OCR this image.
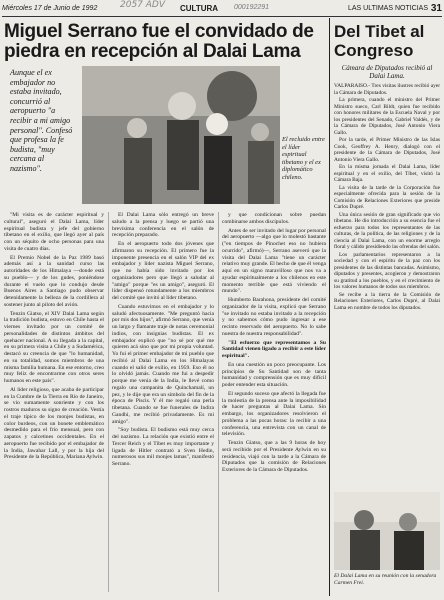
Miércoles 17 de Junio de 1992	CULTURA 000192291	LAS ULTIMAS NOTICIAS 31
2057 ADV
Miguel Serrano fue el convidado de piedra en recepción al Dalai Lama

Aunque el ex embajador no estaba invitado, concurrió al aeropuerto "a recibir a mi amigo personal". Confesó que profesa la fe budista, "muy cercana al nazismo".

El recluido entre el líder espiritual tibetano y el ex diplomático chileno.

"Mi visita es de carácter espiritual y cultural", aseguró el Dalai Lama, líder espiritual budista y jefe del gobierno tibetano en el exilio, que llegó ayer al país con un séquito de ocho personas para una visita de cuatro días.

El Premio Nobel de la Paz 1989 basó además así a la sanidad curso las autoridades de los Himalaya —donde está su pueblo— y de los gudes, poniéndose durante el vuelo que lo condujo desde Buenos Aires a Santiago pudo observar detenidamente la belleza de la cordillera al sostener junto al piloto del avión.

Tenzin Giatso, el XIV Dalai Lama según la tradición budista, estuvo en Chile hasta el viernes invitado por un comité de personalidades de distintos ámbitos del quehacer nacional. A su llegada a la capital, en su primera visita a Chile y a Sudamérica, destacó su creencia de que "lo humanidad, en su totalidad, somos miembros de una misma familia humana. En ese entorno, creo muy feliz de encontrarme con otros seres humanos en este país".

Al líder religioso, que acaba de participar en la Cumbre de la Tierra en Río de Janeiro, se vio sumamente sonriente y con los rostros maduros su signo de creación. Vestía el traje típico de los monjes budistas, en color burdeos, con un bonete emblemático desmedido para el frío mensual, pero con zapatos y calcetines occidentales. En el aeropuerto fue recibido por el embajador de la India, Jawahar Lall, y por la hija del Presidente de la República, Mariana Aylwin.

El Dalai Lama sólo entregó un breve saludo a la prensa y luego se partió una brevísima conferencia en el salón de recepción preparado.

En el aeropuerto todo dos jóvenes que afirmaron su recepción. El primero fue la imponente presencia en el salón VIP del ex embajador y líder nazista Miguel Serrano, que no había sido invitado por los organizadores pero que llegó a saludar al "amigo" porque "es un amigo", aseguró. El líder dispensó rotundamente a los miembros del comité que invitó al líder tibetano.

Cuando estuvimos en el embajador y lo saludó afectuosamente. "Me preguntó hacia por mis dos hijos", afirmó Serrano, que venía un largo y flamante traje de notas ceremonial indios, con insignias budistas. El ex embajador explicó que "no sé por qué me quieren acá sino que por mi propia voluntad. Yo fui el primer embajador de mi pueblo que recibió al Dalai Lama en los Himalayas cuando el salió de exilio, en 1959. Eso él no lo olvidó jamás. Cuando me fui a despedir porque me venía de la India, le llevé como regalo una campanita de Quinchamalí, un pez, y le dije que era un símbolo del fin de la época de Piscis. Y él me regaló una perla tibetana. Cuando se fue funerales de Indira Gandhi, me recibió privadamente. Es mi amigo".

"Soy budista. El budismo está muy cerca del nazismo. La relación que existió entre el Tercer Reich y el Tíbet es muy importante y ligada de Hitler contrató a Sven Hedin, numerosos sus mil monjes lamas", manifestó Serrano.

y que condicionan sobre puedan combinarse ambos discípulos.

Antes de ser invitado del lugar por personal del aeropuerto —algo que lo molestó bastante ("en tiempos de Pinochet eso no hubiera ocurrido", afirmó)—, Serrano aseveró que la visita del Dalai Lama "tiene un carácter relativo muy grande. El hecho de que él venga aquí en un signo maravilloso que nos va a ayudar espiritualmente a los chilenos en este momento terrible que está viviendo el mundo".

Humberto Barahona, presidente del comité organizador de la visita, explicó que Serrano "se invitado no estaba invitado a la recepción y no sabemos cómo pudo ingresar a ese recinto reservado del aeropuerto. No lo sabe nuestra de nuestra responsabilidad".

"El esfuerzo que representamos a Su Santidad vienen ligado a recibir a este líder espiritual".

En una cuestión un poco preocupante. Los principios de Su Santidad son de tanta humanidad y comprensión que es muy difícil poder entender esta situación.

El segundo suceso que afectó la llegada fue la molestia de la prensa ante la imposibilidad de hacer preguntas al Dalai Lama. Sin embargo, los organizadores resolvieron el problema a las pocas horas: la recibir a una conferencia, una entrevista con un canal de televisión.

Tenzin Giatso, que a las 9 horas de hoy será recibido por el Presidente Aylwin en su residencia, viajó con la tarde a la Cámara de Diputados que la comisión de Relaciones Exteriores de la Cámara de Diputados.

Del Tibet al Congreso

Cámara de Diputados recibió al Dalai Lama.

VALPARAISO.- Tres visitas ilustres recibió ayer la Cámara de Diputados.

La primera, cuando el ministro del Primer Ministro sueco, Carl Bildt, quien fue recibido con honores militares de la Escuela Naval y por los presidentes del Senado, Gabriel Valdés, y de la Cámara de Diputados, José Antonio Viera Gallo.

Por la tarde, el Primer Ministro de las Islas Cook, Geoffrey A. Henry, dialogó con el presidente de la Cámara de Diputados, José Antonio Viera Gallo.

En la misma jornada el Dalai Lama, líder espiritual y en el exilio, del Tíbet, visitó la Cámara Baja.

La visita de la tarde de la Corporación fue especialmente ofrecida para la sesión de la Comisión de Relaciones Exteriores que preside Carlos Dupré.

Una única sesión de gran significado que vio tibetano. He dio introducción a su esencia fue el esfuerzo para todos los representantes de las culturas, de la política, de las religiones y de la ciencia al Dalai Lama, con un enorme arreglo floral y cálido presidiendo las ofrendas del salón.

Los parlamentarios representaron a la sociedad y con el espíritu de la paz con los presidentes de las distintas bancadas. Asimismo, diputados y presentes, acogieron y demostraron su gratitud a los pueblos, y en el crecimiento de los valores humanos de todos sus miembros.

Se recibe a la tierra de la Comisión de Relaciones Exteriores, Carlos Dupré, al Dalai Lama en nombre de todos los diputados.

El Dalai Lama en su reunión con la senadora Carmen Frei.
